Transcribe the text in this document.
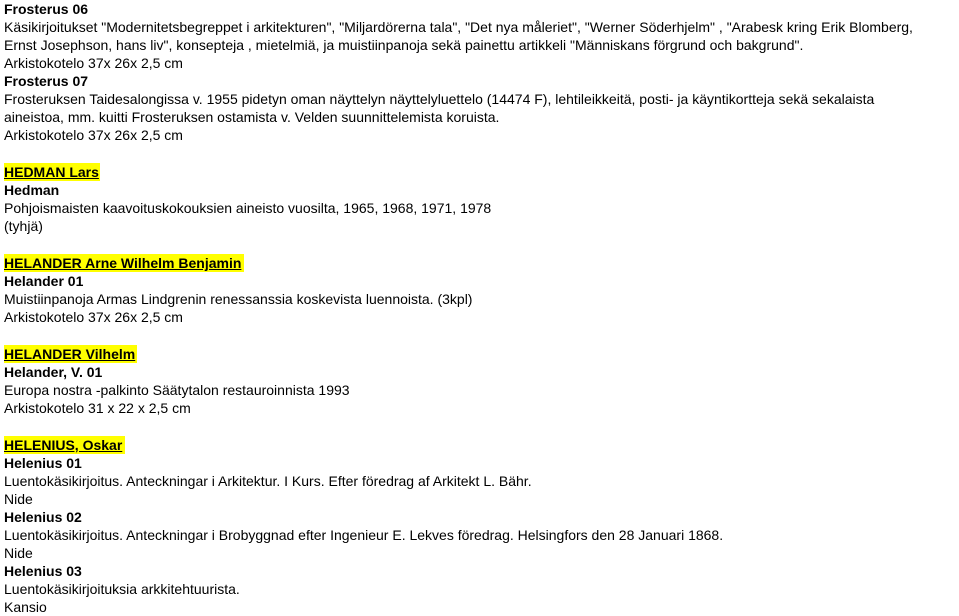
Frosterus 06
Käsikirjoitukset "Modernitetsbegreppet i arkitekturen", "Miljardörerna tala", "Det nya måleriet", "Werner Söderhjelm" , "Arabesk kring Erik Blomberg, Ernst Josephson, hans liv", konsepteja , mietelmiä, ja muistiinpanoja sekä painettu artikkeli "Människans förgrund och bakgrund".
Arkistokotelo 37x 26x 2,5 cm
Frosterus 07
Frosteruksen Taidesalongissa v. 1955 pidetyn oman näyttelyn näyttelyluettelo (14474 F), lehtileikkeitä, posti- ja käyntikortteja sekä sekalaista aineistoa, mm. kuitti Frosteruksen ostamista v. Velden suunnittelemista koruista.
Arkistokotelo 37x 26x 2,5 cm
HEDMAN Lars
Hedman
Pohjoismaisten kaavoituskokouksien aineisto vuosilta, 1965, 1968, 1971, 1978
(tyhjä)
HELANDER Arne Wilhelm Benjamin
Helander 01
Muistiinpanoja Armas Lindgrenin renessanssia koskevista luennoista. (3kpl)
Arkistokotelo 37x 26x 2,5 cm
HELANDER Vilhelm
Helander, V. 01
Europa nostra -palkinto Säätytalon restauroinnista 1993
Arkistokotelo 31 x 22 x 2,5 cm
HELENIUS, Oskar
Helenius 01
Luentokäsikirjoitus. Anteckningar i Arkitektur. I Kurs. Efter föredrag af Arkitekt L. Bähr.
Nide
Helenius 02
Luentokäsikirjoitus. Anteckningar i Brobyggnad efter Ingenieur E. Lekves föredrag. Helsingfors den 28 Januari 1868.
Nide
Helenius 03
Luentokäsikirjoituksia arkkitehtuurista.
Kansio
